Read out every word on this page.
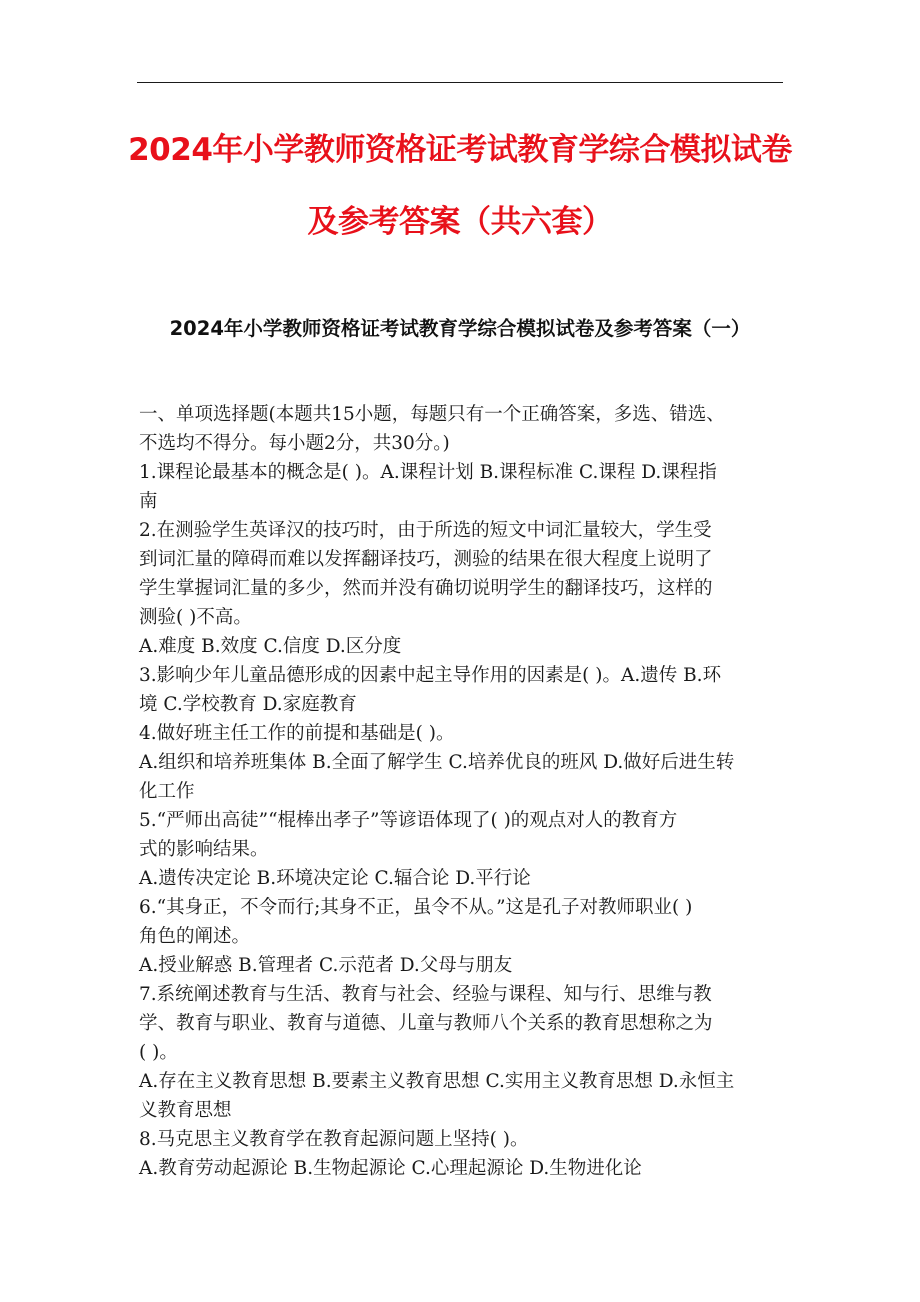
2024年小学教师资格证考试教育学综合模拟试卷
及参考答案（共六套）
2024年小学教师资格证考试教育学综合模拟试卷及参考答案（一）
一、单项选择题(本题共15小题，每题只有一个正确答案，多选、错选、
不选均不得分。每小题2分，共30分。)
1.课程论最基本的概念是( )。A.课程计划 B.课程标准 C.课程 D.课程指
南
2.在测验学生英译汉的技巧时，由于所选的短文中词汇量较大，学生受
到词汇量的障碍而难以发挥翻译技巧，测验的结果在很大程度上说明了
学生掌握词汇量的多少，然而并没有确切说明学生的翻译技巧，这样的
测验( )不高。
A.难度 B.效度 C.信度 D.区分度
3.影响少年儿童品德形成的因素中起主导作用的因素是( )。A.遗传 B.环
境 C.学校教育 D.家庭教育
4.做好班主任工作的前提和基础是( )。
A.组织和培养班集体 B.全面了解学生 C.培养优良的班风 D.做好后进生转
化工作
5.“严师出高徒”“棍棒出孝子”等谚语体现了( )的观点对人的教育方
式的影响结果。
A.遗传决定论 B.环境决定论 C.辐合论 D.平行论
6.“其身正，不令而行;其身不正，虽令不从。”这是孔子对教师职业( )
角色的阐述。
A.授业解惑 B.管理者 C.示范者 D.父母与朋友
7.系统阐述教育与生活、教育与社会、经验与课程、知与行、思维与教
学、教育与职业、教育与道德、儿童与教师八个关系的教育思想称之为
( )。
A.存在主义教育思想 B.要素主义教育思想 C.实用主义教育思想 D.永恒主
义教育思想
8.马克思主义教育学在教育起源问题上坚持( )。
A.教育劳动起源论 B.生物起源论 C.心理起源论 D.生物进化论
